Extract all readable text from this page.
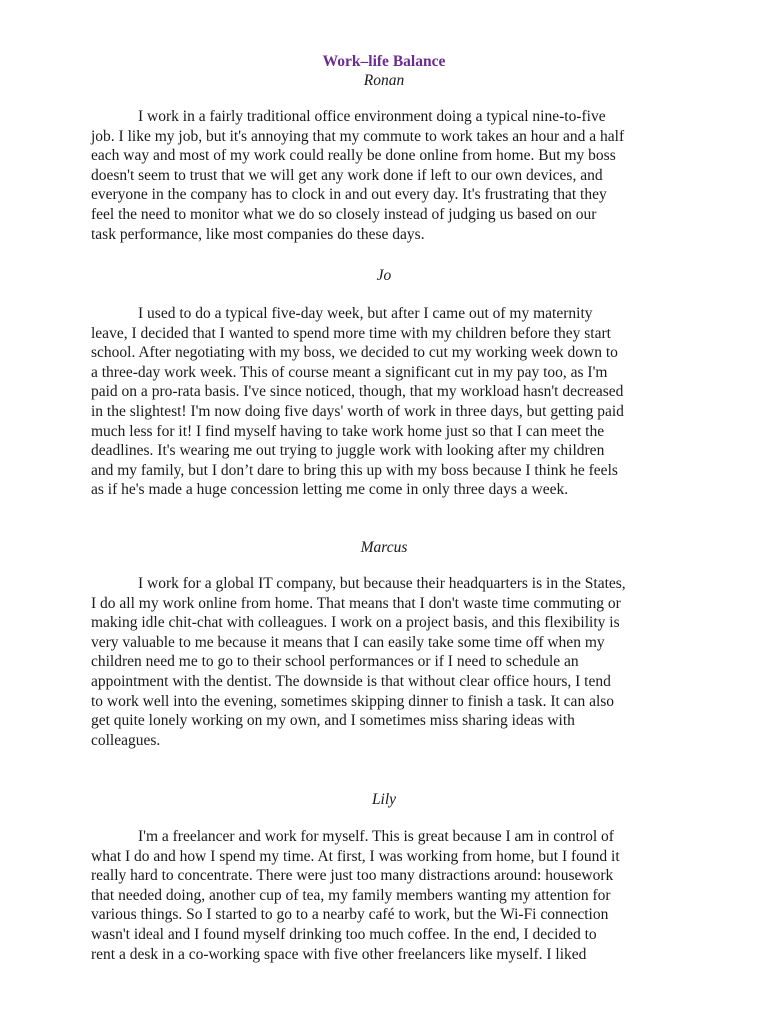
Work–life Balance
Ronan
I work in a fairly traditional office environment doing a typical nine-to-five
job. I like my job, but it's annoying that my commute to work takes an hour and a half
each way and most of my work could really be done online from home. But my boss
doesn't seem to trust that we will get any work done if left to our own devices, and
everyone in the company has to clock in and out every day. It's frustrating that they
feel the need to monitor what we do so closely instead of judging us based on our
task performance, like most companies do these days.
Jo
I used to do a typical five-day week, but after I came out of my maternity
leave, I decided that I wanted to spend more time with my children before they start
school. After negotiating with my boss, we decided to cut my working week down to
a three-day work week. This of course meant a significant cut in my pay too, as I'm
paid on a pro-rata basis. I've since noticed, though, that my workload hasn't decreased
in the slightest! I'm now doing five days' worth of work in three days, but getting paid
much less for it! I find myself having to take work home just so that I can meet the
deadlines. It's wearing me out trying to juggle work with looking after my children
and my family, but I don’t dare to bring this up with my boss because I think he feels
as if he's made a huge concession letting me come in only three days a week.
Marcus
I work for a global IT company, but because their headquarters is in the States,
I do all my work online from home. That means that I don't waste time commuting or
making idle chit-chat with colleagues. I work on a project basis, and this flexibility is
very valuable to me because it means that I can easily take some time off when my
children need me to go to their school performances or if I need to schedule an
appointment with the dentist. The downside is that without clear office hours, I tend
to work well into the evening, sometimes skipping dinner to finish a task. It can also
get quite lonely working on my own, and I sometimes miss sharing ideas with
colleagues.
Lily
I'm a freelancer and work for myself. This is great because I am in control of
what I do and how I spend my time. At first, I was working from home, but I found it
really hard to concentrate. There were just too many distractions around: housework
that needed doing, another cup of tea, my family members wanting my attention for
various things. So I started to go to a nearby café to work, but the Wi-Fi connection
wasn't ideal and I found myself drinking too much coffee. In the end, I decided to
rent a desk in a co-working space with five other freelancers like myself. I liked
